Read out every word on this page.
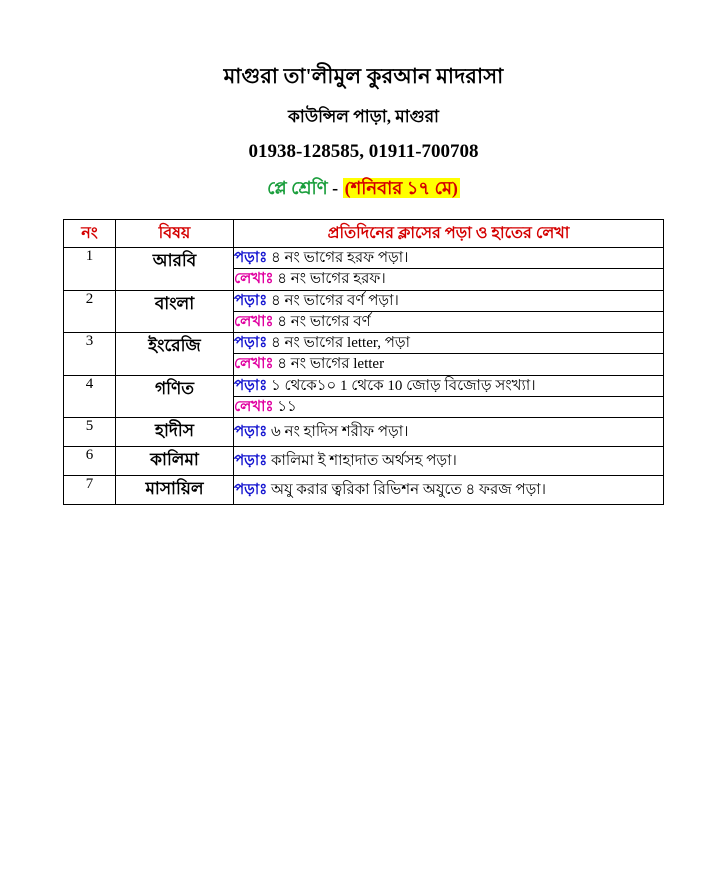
মাগুরা তা'লীমুল কুরআন মাদরাসা
কাউন্সিল পাড়া, মাগুরা
01938-128585, 01911-700708
প্লে শ্রেণি - (শনিবার ১৭ মে)
নং	বিষয়	প্রতিদিনের ক্লাসের পড়া ও হাতের লেখা
1	আরবি	পড়াঃ ৪ নং ভাগের হরফ পড়া।
		লেখাঃ ৪ নং ভাগের হরফ।
2	বাংলা	পড়াঃ ৪ নং ভাগের বর্ণ পড়া।
		লেখাঃ ৪ নং ভাগের বর্ণ
3	ইংরেজি	পড়াঃ ৪ নং ভাগের letter, পড়া
		লেখাঃ ৪ নং ভাগের letter
4	গণিত	পড়াঃ ১ থেকে১০ 1 থেকে 10 জোড় বিজোড় সংখ্যা।
		লেখাঃ ১১
5	হাদীস	পড়াঃ ৬ নং হাদিস শরীফ পড়া।
6	কালিমা	পড়াঃ কালিমা ই শাহাদাত অর্থসহ পড়া।
7	মাসায়িল	পড়াঃ অযু করার ত্বরিকা রিভিশন অযুতে ৪ ফরজ পড়া।
